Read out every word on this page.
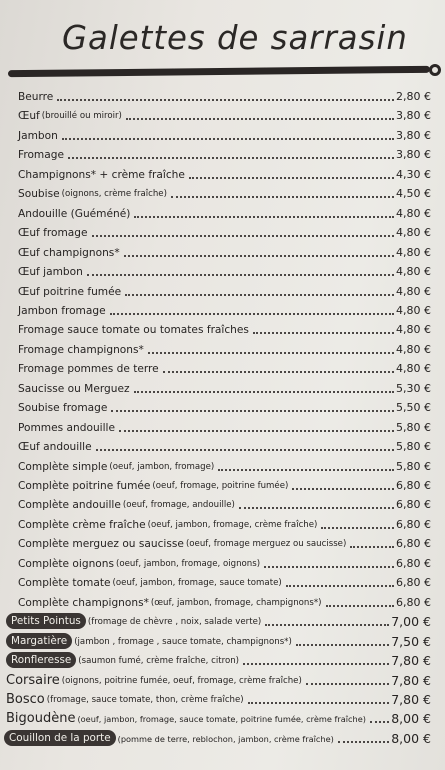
Galettes de sarrasin
Beurre	2,80 €
Œuf (brouillé ou miroir)	3,80 €
Jambon	3,80 €
Fromage	3,80 €
Champignons* + crème fraîche	4,30 €
Soubise (oignons, crème fraîche)	4,50 €
Andouille (Guéméné)	4,80 €
Œuf fromage	4,80 €
Œuf champignons*	4,80 €
Œuf jambon	4,80 €
Œuf poitrine fumée	4,80 €
Jambon fromage	4,80 €
Fromage sauce tomate ou tomates fraîches	4,80 €
Fromage champignons*	4,80 €
Fromage pommes de terre	4,80 €
Saucisse ou Merguez	5,30 €
Soubise fromage	5,50 €
Pommes andouille	5,80 €
Œuf andouille	5,80 €
Complète simple (oeuf, jambon, fromage)	5,80 €
Complète poitrine fumée (oeuf, fromage, poitrine fumée)	6,80 €
Complète andouille (oeuf, fromage, andouille)	6,80 €
Complète crème fraîche (oeuf, jambon, fromage, crème fraîche)	6,80 €
Complète merguez ou saucisse (oeuf, fromage merguez ou saucisse)	6,80 €
Complète oignons (oeuf, jambon, fromage, oignons)	6,80 €
Complète tomate (oeuf, jambon, fromage, sauce tomate)	6,80 €
Complète champignons* (œuf, jambon, fromage, champignons*)	6,80 €
Petits Pointus (fromage de chèvre , noix, salade verte)	7,00 €
Margatière (jambon , fromage , sauce tomate, champignons*)	7,50 €
Ronfleresse (saumon fumé, crème fraîche, citron)	7,80 €
Corsaire (oignons, poitrine fumée, oeuf, fromage, crème fraîche)	7,80 €
Bosco (fromage, sauce tomate, thon, crème fraîche)	7,80 €
Bigoudène (oeuf, jambon, fromage, sauce tomate, poitrine fumée, crème fraîche) 8,00 €
Couillon de la porte (pomme de terre, reblochon, jambon, crème fraîche)	8,00 €
